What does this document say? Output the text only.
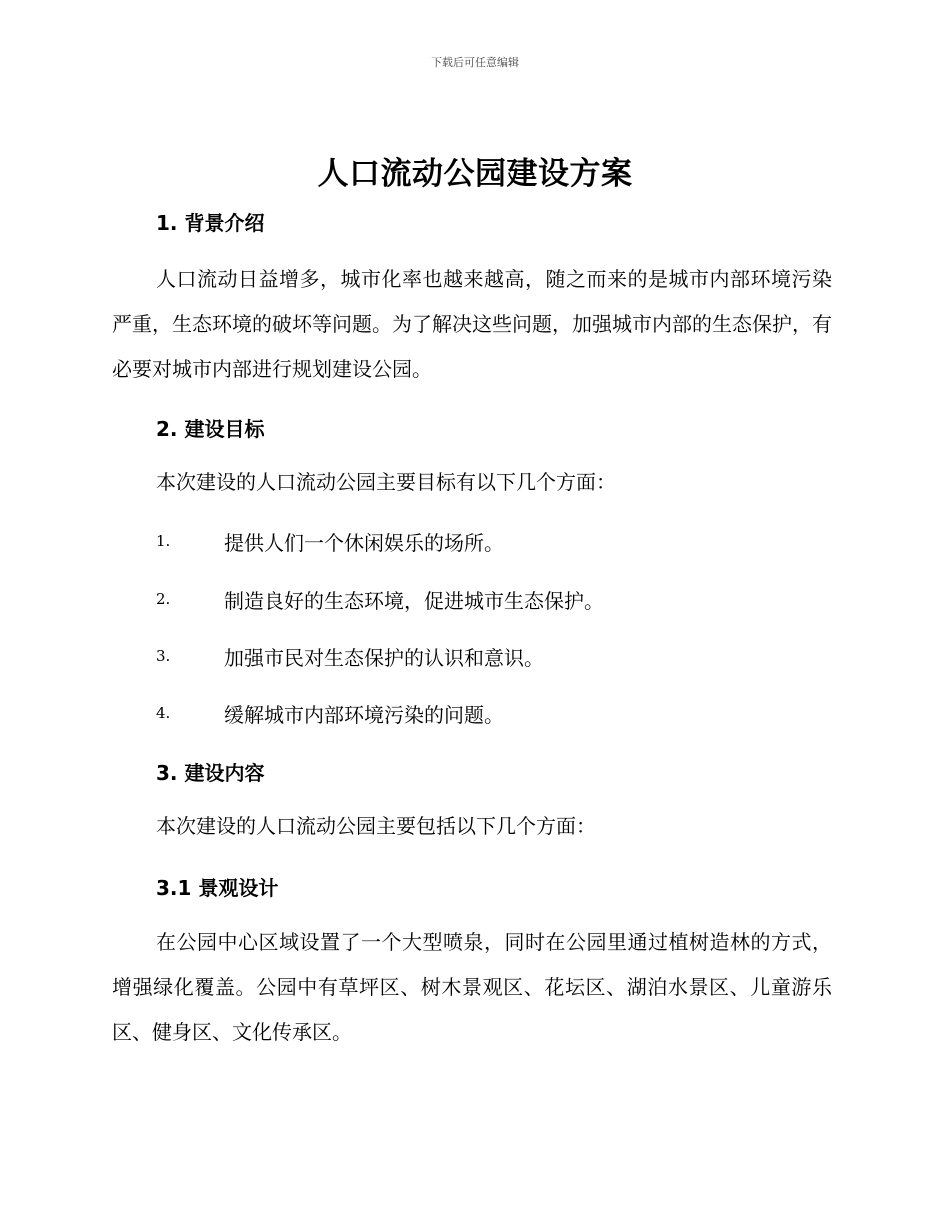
下载后可任意编辑
人口流动公园建设方案
1. 背景介绍
人口流动日益增多，城市化率也越来越高，随之而来的是城市内部环境污染严重，生态环境的破坏等问题。为了解决这些问题，加强城市内部的生态保护，有必要对城市内部进行规划建设公园。
2. 建设目标
本次建设的人口流动公园主要目标有以下几个方面：
1.	提供人们一个休闲娱乐的场所。
2.	制造良好的生态环境，促进城市生态保护。
3.	加强市民对生态保护的认识和意识。
4.	缓解城市内部环境污染的问题。
3. 建设内容
本次建设的人口流动公园主要包括以下几个方面：
3.1 景观设计
在公园中心区域设置了一个大型喷泉，同时在公园里通过植树造林的方式，增强绿化覆盖。公园中有草坪区、树木景观区、花坛区、湖泊水景区、儿童游乐区、健身区、文化传承区。
